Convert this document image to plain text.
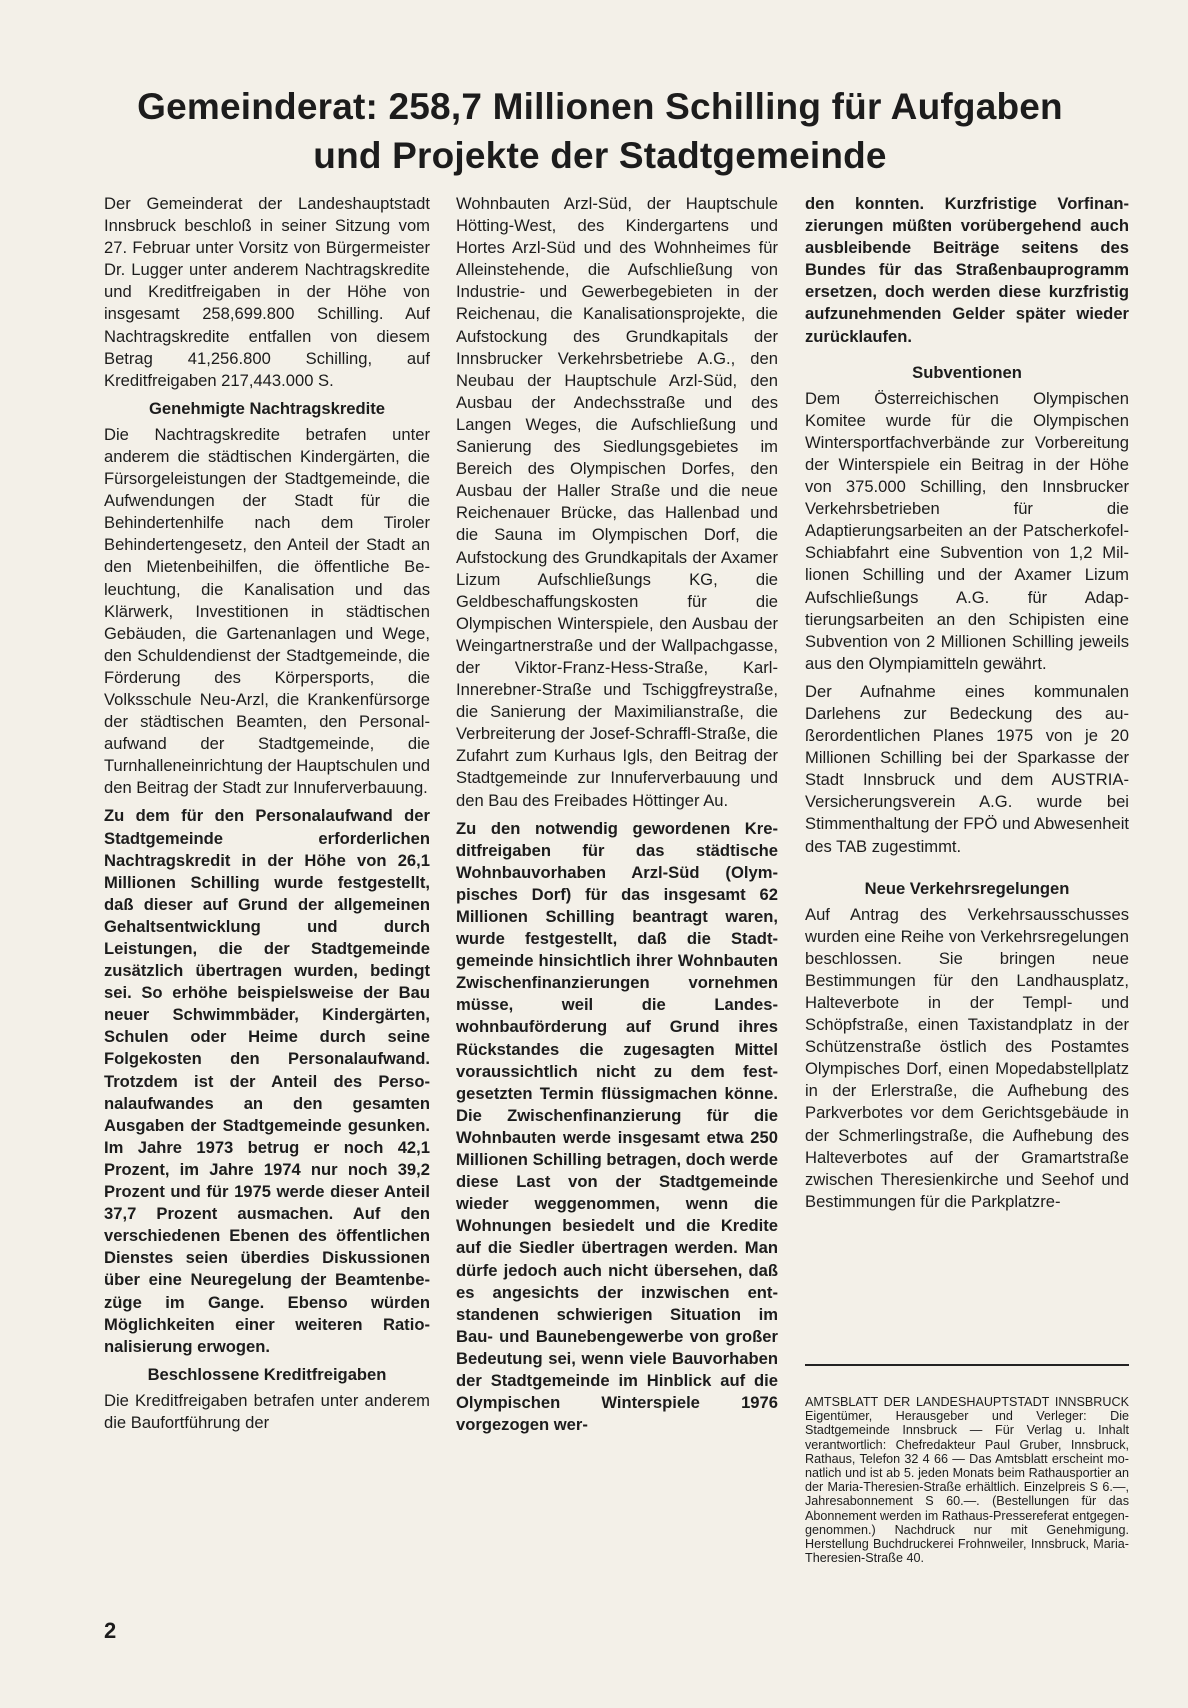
Gemeinderat: 258,7 Millionen Schilling für Aufgaben
und Projekte der Stadtgemeinde

Der Gemeinderat der Landeshauptstadt Innsbruck beschloß in seiner Sitzung vom 27. Februar unter Vorsitz von Bürgermeister Dr. Lugger unter anderem Nachtragskredite und Kreditfreigaben in der Höhe von insgesamt 258,699.800 Schilling. Auf Nachtragskredite entfallen von diesem Betrag 41,256.800 Schilling, auf Kreditfreigaben 217,443.000 S.

Genehmigte Nachtragskredite

Die Nachtragskredite betrafen unter anderem die städtischen Kindergärten, die Fürsorgeleistungen der Stadtgemeinde, die Aufwendungen der Stadt für die Behindertenhilfe nach dem Tiroler Behindertengesetz, den Anteil der Stadt an den Mietenbeihilfen, die öffentliche Beleuchtung, die Kanalisation und das Klärwerk, Investitionen in städtischen Gebäuden, die Gartenanlagen und Wege, den Schuldendienst der Stadtgemeinde, die Förderung des Körpersports, die Volksschule Neu-Arzl, die Krankenfürsorge der städtischen Beamten, den Personalaufwand der Stadtgemeinde, die Turnhalleneinrichtung der Hauptschulen und den Beitrag der Stadt zur Innuferverbauung.

Zu dem für den Personalaufwand der Stadtgemeinde erforderlichen Nachtragskredit in der Höhe von 26,1 Millionen Schilling wurde festgestellt, daß dieser auf Grund der allgemeinen Gehaltsentwicklung und durch Leistungen, die der Stadtgemeinde zusätzlich übertragen wurden, bedingt sei. So erhöhe beispielsweise der Bau neuer Schwimmbäder, Kindergärten, Schulen oder Heime durch seine Folgekosten den Personalaufwand. Trotzdem ist der Anteil des Personalaufwandes an den gesamten Ausgaben der Stadtgemeinde gesunken. Im Jahre 1973 betrug er noch 42,1 Prozent, im Jahre 1974 nur noch 39,2 Prozent und für 1975 werde dieser Anteil 37,7 Prozent ausmachen. Auf den verschiedenen Ebenen des öffentlichen Dienstes seien überdies Diskussionen über eine Neuregelung der Beamtenbezüge im Gange. Ebenso würden Möglichkeiten einer weiteren Rationalisierung erwogen.

Beschlossene Kreditfreigaben

Die Kreditfreigaben betrafen unter anderem die Baufortführung der

Wohnbauten Arzl-Süd, der Hauptschule Hötting-West, des Kindergartens und Hortes Arzl-Süd und des Wohnheimes für Alleinstehende, die Aufschließung von Industrie- und Gewerbegebieten in der Reichenau, die Kanalisationsprojekte, die Aufstockung des Grundkapitals der Innsbrucker Verkehrsbetriebe A.G., den Neubau der Hauptschule Arzl-Süd, den Ausbau der Andechsstraße und des Langen Weges, die Aufschließung und Sanierung des Siedlungsgebietes im Bereich des Olympischen Dorfes, den Ausbau der Haller Straße und die neue Reichenauer Brücke, das Hallenbad und die Sauna im Olympischen Dorf, die Aufstockung des Grundkapitals der Axamer Lizum Aufschließungs KG, die Geldbeschaffungskosten für die Olympischen Winterspiele, den Ausbau der Weingartnerstraße und der Wallpachgasse, der Viktor-Franz-Hess-Straße, Karl-Innerebner-Straße und Tschiggfreystraße, die Sanierung der Maximilianstraße, die Verbreiterung der Josef-Schraffl-Straße, die Zufahrt zum Kurhaus Igls, den Beitrag der Stadtgemeinde zur Innuferverbauung und den Bau des Freibades Höttinger Au.

Zu den notwendig gewordenen Kreditfreigaben für das städtische Wohnbauvorhaben Arzl-Süd (Olympisches Dorf) für das insgesamt 62 Millionen Schilling beantragt waren, wurde festgestellt, daß die Stadtgemeinde hinsichtlich ihrer Wohnbauten Zwischenfinanzierungen vornehmen müsse, weil die Landeswohnbauförderung auf Grund ihres Rückstandes die zugesagten Mittel voraussichtlich nicht zu dem festgesetzten Termin flüssigmachen könne. Die Zwischenfinanzierung für die Wohnbauten werde insgesamt etwa 250 Millionen Schilling betragen, doch werde diese Last von der Stadtgemeinde wieder weggenommen, wenn die Wohnungen besiedelt und die Kredite auf die Siedler übertragen werden. Man dürfe jedoch auch nicht übersehen, daß es angesichts der inzwischen entstandenen schwierigen Situation im Bau- und Baunebengewerbe von großer Bedeutung sei, wenn viele Bauvorhaben der Stadtgemeinde im Hinblick auf die Olympischen Winterspiele 1976 vorgezogen wer-

den konnten. Kurzfristige Vorfinanzierungen müßten vorübergehend auch ausbleibende Beiträge seitens des Bundes für das Straßenbauprogramm ersetzen, doch werden diese kurzfristig aufzunehmenden Gelder später wieder zurücklaufen.

Subventionen

Dem Österreichischen Olympischen Komitee wurde für die Olympischen Wintersportfachverbände zur Vorbereitung der Winterspiele ein Beitrag in der Höhe von 375.000 Schilling, den Innsbrucker Verkehrsbetrieben für die Adaptierungsarbeiten an der Patscherkofel-Schiabfahrt eine Subvention von 1,2 Millionen Schilling und der Axamer Lizum Aufschließungs A.G. für Adaptierungsarbeiten an den Schipisten eine Subvention von 2 Millionen Schilling jeweils aus den Olympiamitteln gewährt.

Der Aufnahme eines kommunalen Darlehens zur Bedeckung des außerordentlichen Planes 1975 von je 20 Millionen Schilling bei der Sparkasse der Stadt Innsbruck und dem AUSTRIA-Versicherungsverein A.G. wurde bei Stimmenthaltung der FPÖ und Abwesenheit des TAB zugestimmt.

Neue Verkehrsregelungen

Auf Antrag des Verkehrsausschusses wurden eine Reihe von Verkehrsregelungen beschlossen. Sie bringen neue Bestimmungen für den Landhausplatz, Halteverbote in der Templ- und Schöpfstraße, einen Taxistandplatz in der Schützenstraße östlich des Postamtes Olympisches Dorf, einen Mopedabstellplatz in der Erlerstraße, die Aufhebung des Parkverbotes vor dem Gerichtsgebäude in der Schmerlingstraße, die Aufhebung des Halteverbotes auf der Gramartstraße zwischen Theresienkirche und Seehof und Bestimmungen für die Parkplatzre-

AMTSBLATT DER LANDESHAUPTSTADT INNSBRUCK Eigentümer, Herausgeber und Verleger: Die Stadtgemeinde Innsbruck — Für Verlag u. Inhalt verantwortlich: Chefredakteur Paul Gruber, Innsbruck, Rathaus, Telefon 32 4 66 — Das Amtsblatt erscheint monatlich und ist ab 5. jeden Monats beim Rathausportier an der Maria-Theresien-Straße erhältlich. Einzelpreis S 6.—, Jahresabonnement S 60.—. (Bestellungen für das Abonnement werden im Rathaus-Pressereferat entgegengenommen.) Nachdruck nur mit Genehmigung. Herstellung Buchdruckerei Frohnweiler, Innsbruck, Maria-Theresien-Straße 40.
2
